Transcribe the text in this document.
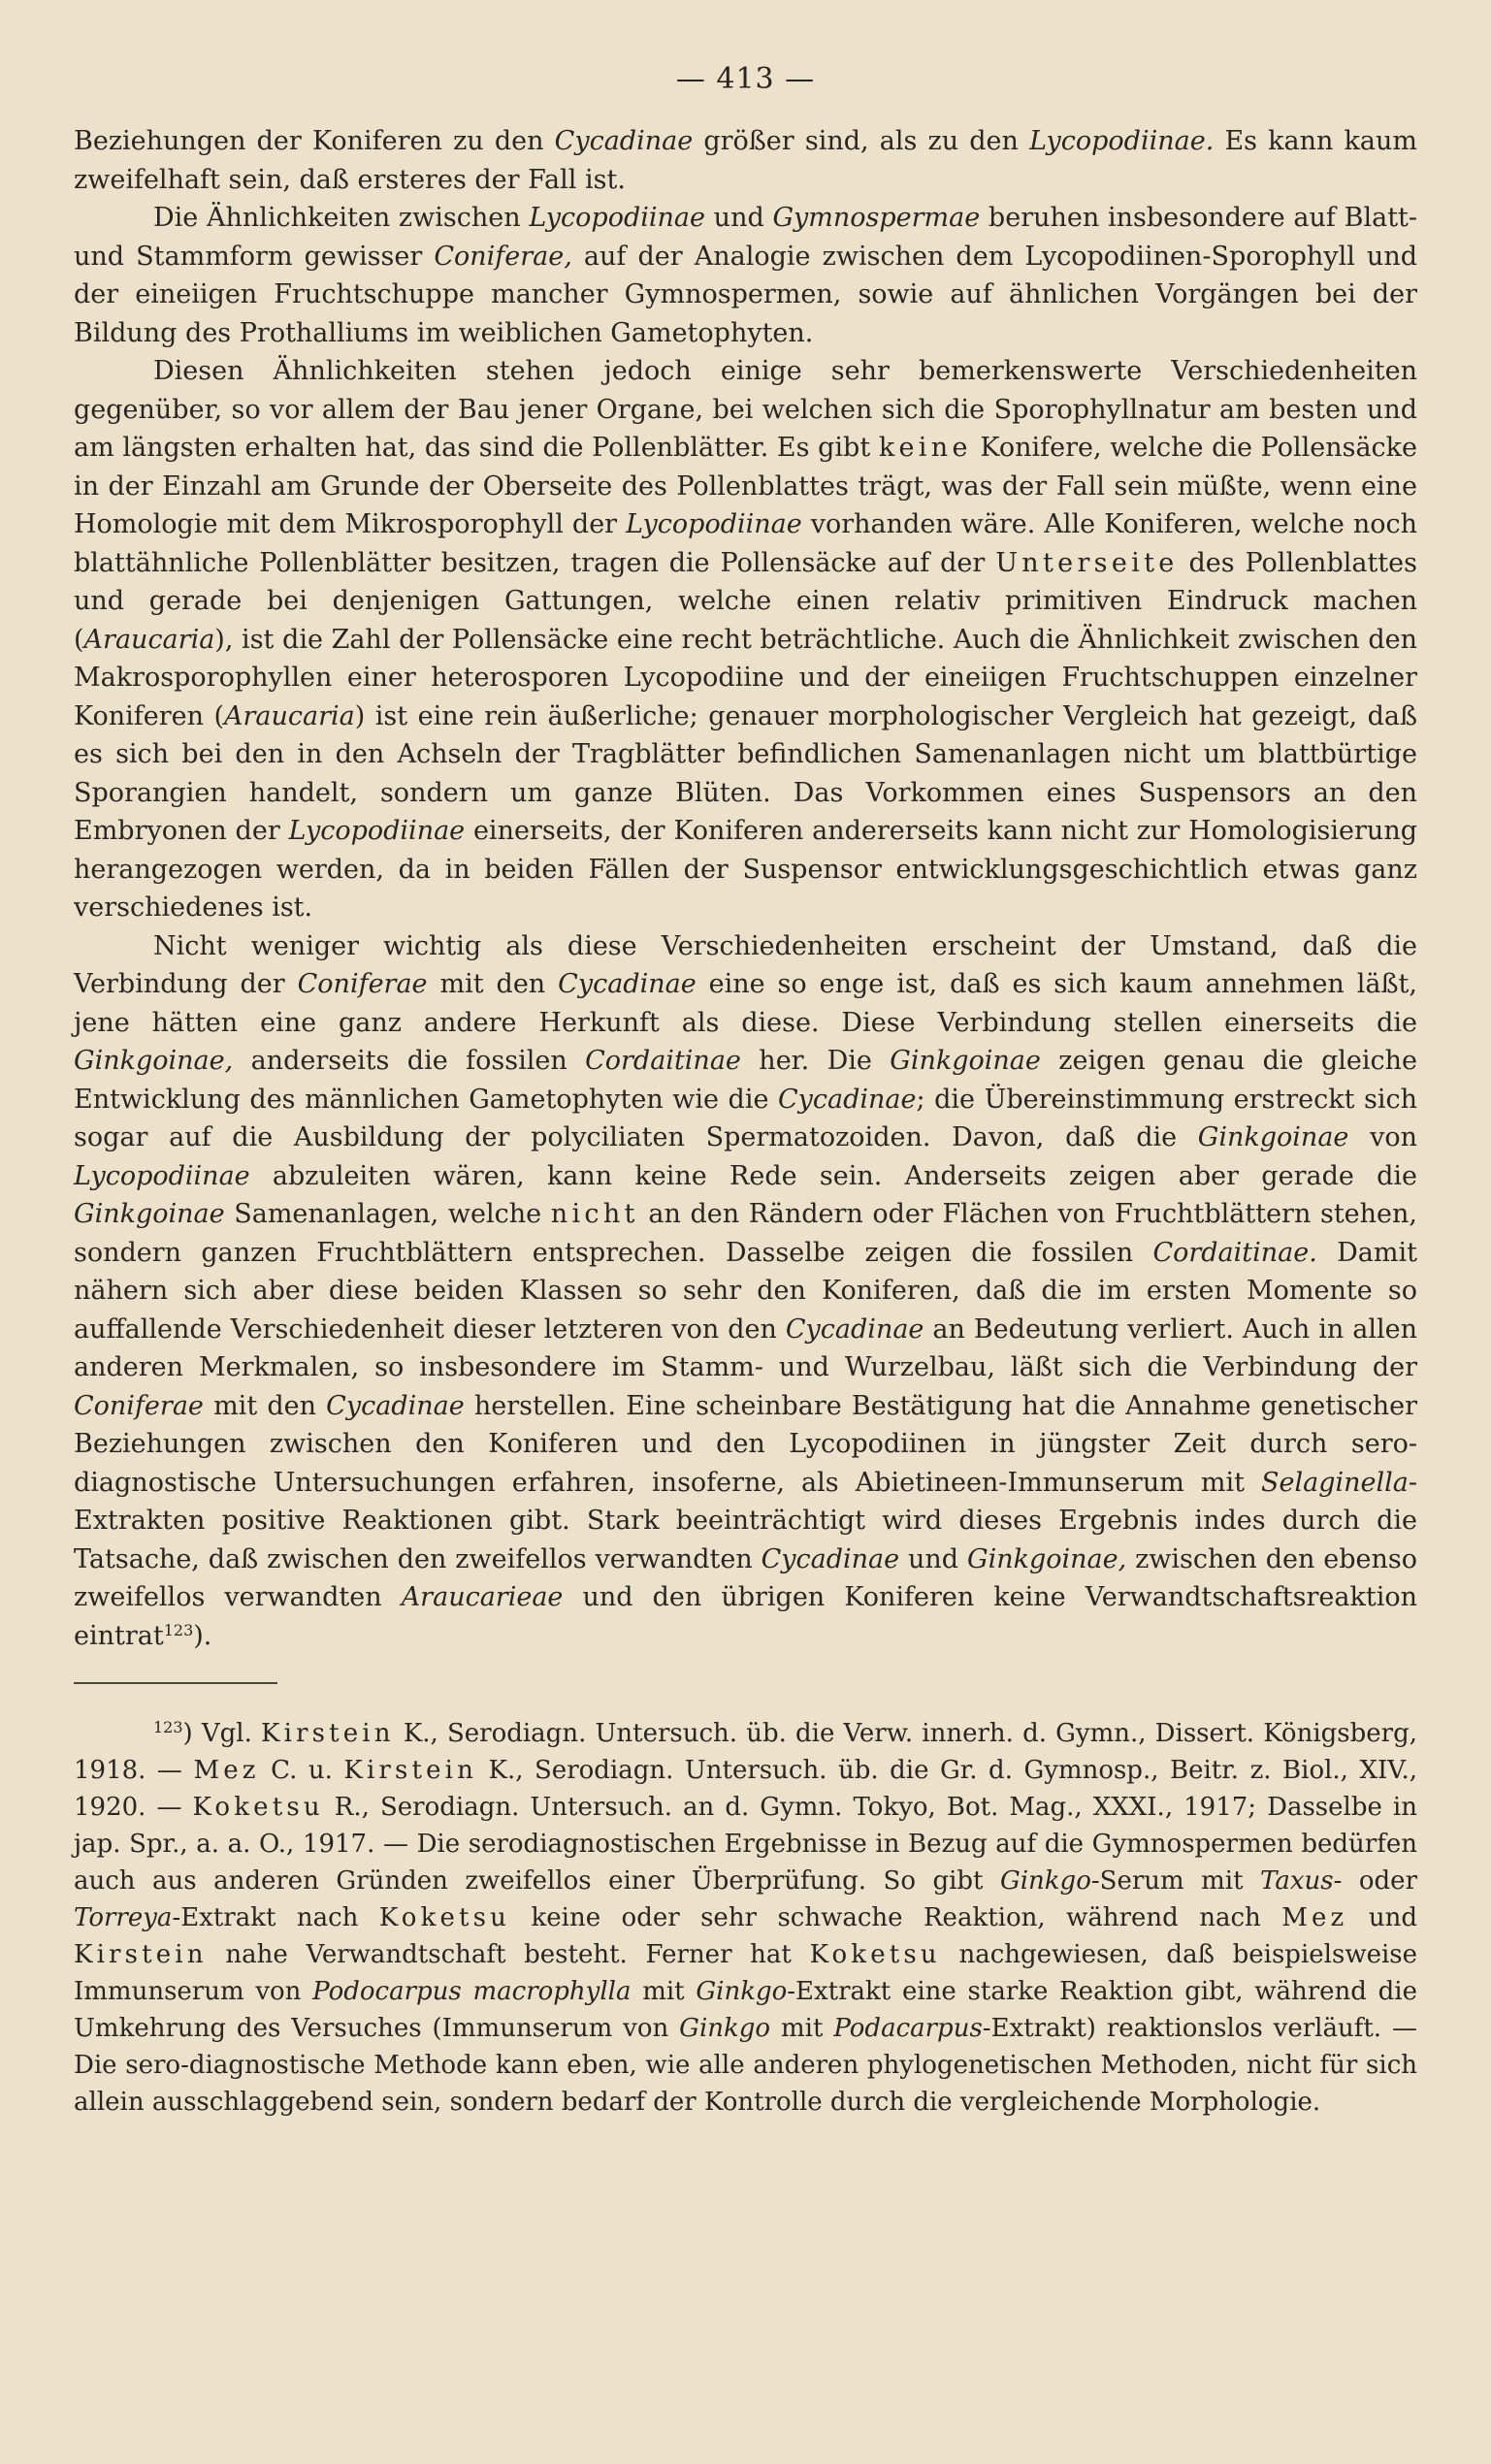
— 413 —

Beziehungen der Koniferen zu den Cycadinae größer sind, als zu den Lycopodiinae. Es kann kaum zweifelhaft sein, daß ersteres der Fall ist.

Die Ähnlichkeiten zwischen Lycopodiinae und Gymnospermae beruhen insbesondere auf Blatt- und Stammform gewisser Coniferae, auf der Analogie zwischen dem Lycopodiinen-Sporophyll und der eineiigen Fruchtschuppe mancher Gymnospermen, sowie auf ähnlichen Vorgängen bei der Bildung des Prothalliums im weiblichen Gametophyten.

Diesen Ähnlichkeiten stehen jedoch einige sehr bemerkenswerte Verschiedenheiten gegenüber, so vor allem der Bau jener Organe, bei welchen sich die Sporophyllnatur am besten und am längsten erhalten hat, das sind die Pollenblätter. Es gibt keine Konifere, welche die Pollensäcke in der Einzahl am Grunde der Oberseite des Pollenblattes trägt, was der Fall sein müßte, wenn eine Homologie mit dem Mikrosporophyll der Lycopodiinae vorhanden wäre. Alle Koniferen, welche noch blattähnliche Pollenblätter besitzen, tragen die Pollensäcke auf der Unterseite des Pollenblattes und gerade bei denjenigen Gattungen, welche einen relativ primitiven Eindruck machen (Araucaria), ist die Zahl der Pollensäcke eine recht beträchtliche. Auch die Ähnlichkeit zwischen den Makrosporophyllen einer heterosporen Lycopodiine und der eineiigen Fruchtschuppen einzelner Koniferen (Araucaria) ist eine rein äußerliche; genauer morphologischer Vergleich hat gezeigt, daß es sich bei den in den Achseln der Tragblätter befindlichen Samenanlagen nicht um blattbürtige Sporangien handelt, sondern um ganze Blüten. Das Vorkommen eines Suspensors an den Embryonen der Lycopodiinae einerseits, der Koniferen andererseits kann nicht zur Homologisierung herangezogen werden, da in beiden Fällen der Suspensor entwicklungsgeschichtlich etwas ganz verschiedenes ist.

Nicht weniger wichtig als diese Verschiedenheiten erscheint der Umstand, daß die Verbindung der Coniferae mit den Cycadinae eine so enge ist, daß es sich kaum annehmen läßt, jene hätten eine ganz andere Herkunft als diese. Diese Verbindung stellen einerseits die Ginkgoinae, anderseits die fossilen Cordaitinae her. Die Ginkgoinae zeigen genau die gleiche Entwicklung des männlichen Gametophyten wie die Cycadinae; die Übereinstimmung erstreckt sich sogar auf die Ausbildung der polyciliaten Spermatozoiden. Davon, daß die Ginkgoinae von Lycopodiinae abzuleiten wären, kann keine Rede sein. Anderseits zeigen aber gerade die Ginkgoinae Samenanlagen, welche nicht an den Rändern oder Flächen von Fruchtblättern stehen, sondern ganzen Fruchtblättern entsprechen. Dasselbe zeigen die fossilen Cordaitinae. Damit nähern sich aber diese beiden Klassen so sehr den Koniferen, daß die im ersten Momente so auffallende Verschiedenheit dieser letzteren von den Cycadinae an Bedeutung verliert. Auch in allen anderen Merkmalen, so insbesondere im Stamm- und Wurzelbau, läßt sich die Verbindung der Coniferae mit den Cycadinae herstellen. Eine scheinbare Bestätigung hat die Annahme genetischer Beziehungen zwischen den Koniferen und den Lycopodiinen in jüngster Zeit durch sero-diagnostische Untersuchungen erfahren, insoferne, als Abietineen-Immunserum mit Selaginella-Extrakten positive Reaktionen gibt. Stark beeinträchtigt wird dieses Ergebnis indes durch die Tatsache, daß zwischen den zweifellos verwandten Cycadinae und Ginkgoinae, zwischen den ebenso zweifellos verwandten Araucarieae und den übrigen Koniferen keine Verwandtschaftsreaktion eintrat$^{123}$).

$^{123}$) Vgl. Kirstein K., Serodiagn. Untersuch. üb. die Verw. innerh. d. Gymn., Dissert. Königsberg, 1918. — Mez C. u. Kirstein K., Serodiagn. Untersuch. üb. die Gr. d. Gymnosp., Beitr. z. Biol., XIV., 1920. — Koketsu R., Serodiagn. Untersuch. an d. Gymn. Tokyo, Bot. Mag., XXXI., 1917; Dasselbe in jap. Spr., a. a. O., 1917. — Die serodiagnostischen Ergebnisse in Bezug auf die Gymnospermen bedürfen auch aus anderen Gründen zweifellos einer Überprüfung. So gibt Ginkgo-Serum mit Taxus- oder Torreya-Extrakt nach Koketsu keine oder sehr schwache Reaktion, während nach Mez und Kirstein nahe Verwandtschaft besteht. Ferner hat Koketsu nachgewiesen, daß beispielsweise Immunserum von Podocarpus macrophylla mit Ginkgo-Extrakt eine starke Reaktion gibt, während die Umkehrung des Versuches (Immunserum von Ginkgo mit Podacarpus-Extrakt) reaktionslos verläuft. — Die sero-diagnostische Methode kann eben, wie alle anderen phylogenetischen Methoden, nicht für sich allein ausschlaggebend sein, sondern bedarf der Kontrolle durch die vergleichende Morphologie.
